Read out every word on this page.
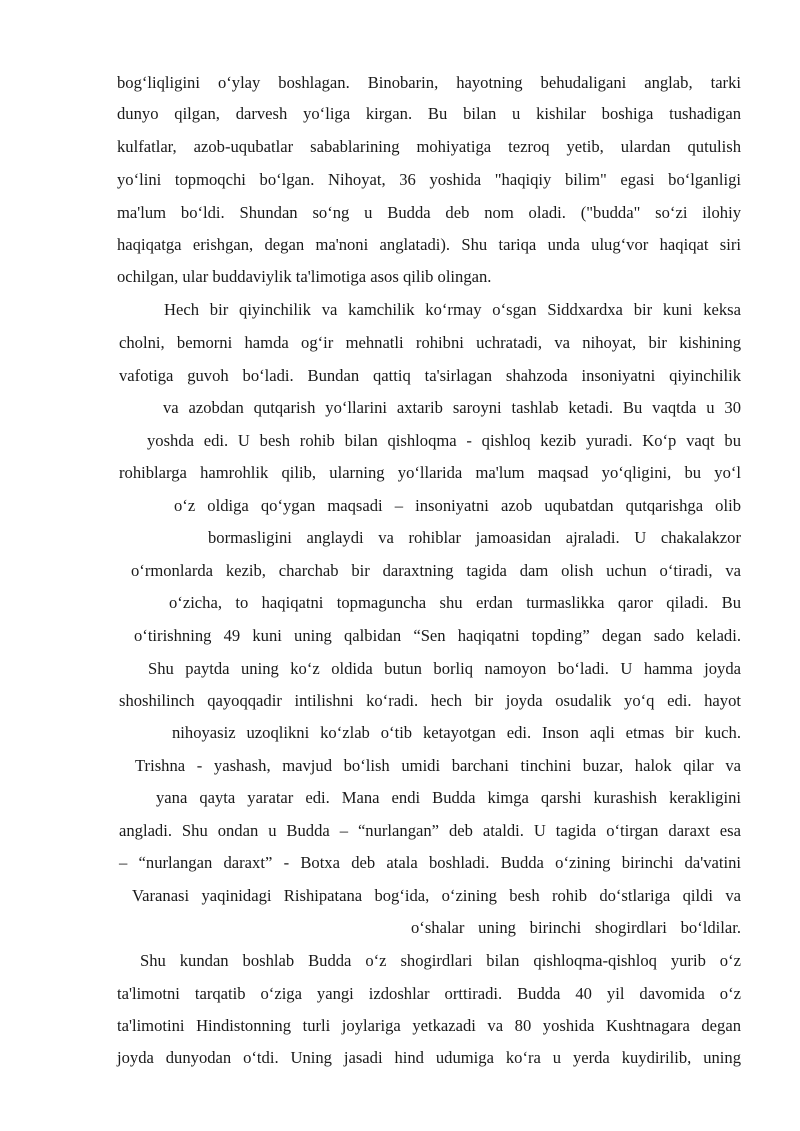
bog‘liqligini o‘ylay boshlagan. Binobarin, hayotning behudaligani anglab, tarki
dunyo qilgan, darvesh yo‘liga kirgan. Bu bilan u kishilar boshiga tushadigan
kulfatlar, azob-uqubatlar sabablarining mohiyatiga tezroq yetib, ulardan qutulish
yo‘lini topmoqchi bo‘lgan. Nihoyat, 36 yoshida "haqiqiy bilim" egasi bo‘lganligi
ma'lum bo‘ldi. Shundan so‘ng u Budda deb nom oladi. ("budda" so‘zi ilohiy
haqiqatga erishgan, degan ma'noni anglatadi). Shu tariqa unda ulug‘vor haqiqat siri
ochilgan, ular buddaviylik ta'limotiga asos qilib olingan.
Hech bir qiyinchilik va kamchilik ko‘rmay o‘sgan Siddxardxa bir kuni keksa
cholni, bemorni hamda og‘ir mehnatli rohibni uchratadi, va nihoyat, bir kishining
vafotiga guvoh bo‘ladi. Bundan qattiq ta'sirlagan shahzoda insoniyatni qiyinchilik
va azobdan qutqarish yo‘llarini axtarib saroyni tashlab ketadi. Bu vaqtda u 30
yoshda edi. U besh rohib bilan qishloqma - qishloq kezib yuradi. Ko‘p vaqt bu
rohiblarga hamrohlik qilib, ularning yo‘llarida ma'lum maqsad yo‘qligini, bu yo‘l
o‘z oldiga qo‘ygan maqsadi – insoniyatni azob uqubatdan qutqarishga olib
bormasligini anglaydi va rohiblar jamoasidan ajraladi. U chakalakzor
o‘rmonlarda kezib, charchab bir daraxtning tagida dam olish uchun o‘tiradi, va
o‘zicha, to haqiqatni topmaguncha shu erdan turmaslikka qaror qiladi. Bu
o‘tirishning 49 kuni uning qalbidan “Sen haqiqatni topding” degan sado keladi.
Shu paytda uning ko‘z oldida butun borliq namoyon bo‘ladi. U hamma joyda
shoshilinch qayoqqadir intilishni ko‘radi. hech bir joyda osudalik yo‘q edi. hayot
nihoyasiz uzoqlikni ko‘zlab o‘tib ketayotgan edi. Inson aqli etmas bir kuch.
Trishna - yashash, mavjud bo‘lish umidi barchani tinchini buzar, halok qilar va
yana qayta yaratar edi. Mana endi Budda kimga qarshi kurashish kerakligini
angladi. Shu ondan u Budda – “nurlangan” deb ataldi. U tagida o‘tirgan daraxt esa
– “nurlangan daraxt” - Botxa deb atala boshladi. Budda o‘zining birinchi da'vatini
Varanasi yaqinidagi Rishipatana bog‘ida, o‘zining besh rohib do‘stlariga qildi va
o‘shalar uning birinchi shogirdlari bo‘ldilar.
Shu kundan boshlab Budda o‘z shogirdlari bilan qishloqma-qishloq yurib o‘z
ta'limotni tarqatib o‘ziga yangi izdoshlar orttiradi. Budda 40 yil davomida o‘z
ta'limotini Hindistonning turli joylariga yetkazadi va 80 yoshida Kushtnagara degan
joyda dunyodan o‘tdi. Uning jasadi hind udumiga ko‘ra u yerda kuydirilib, uning
